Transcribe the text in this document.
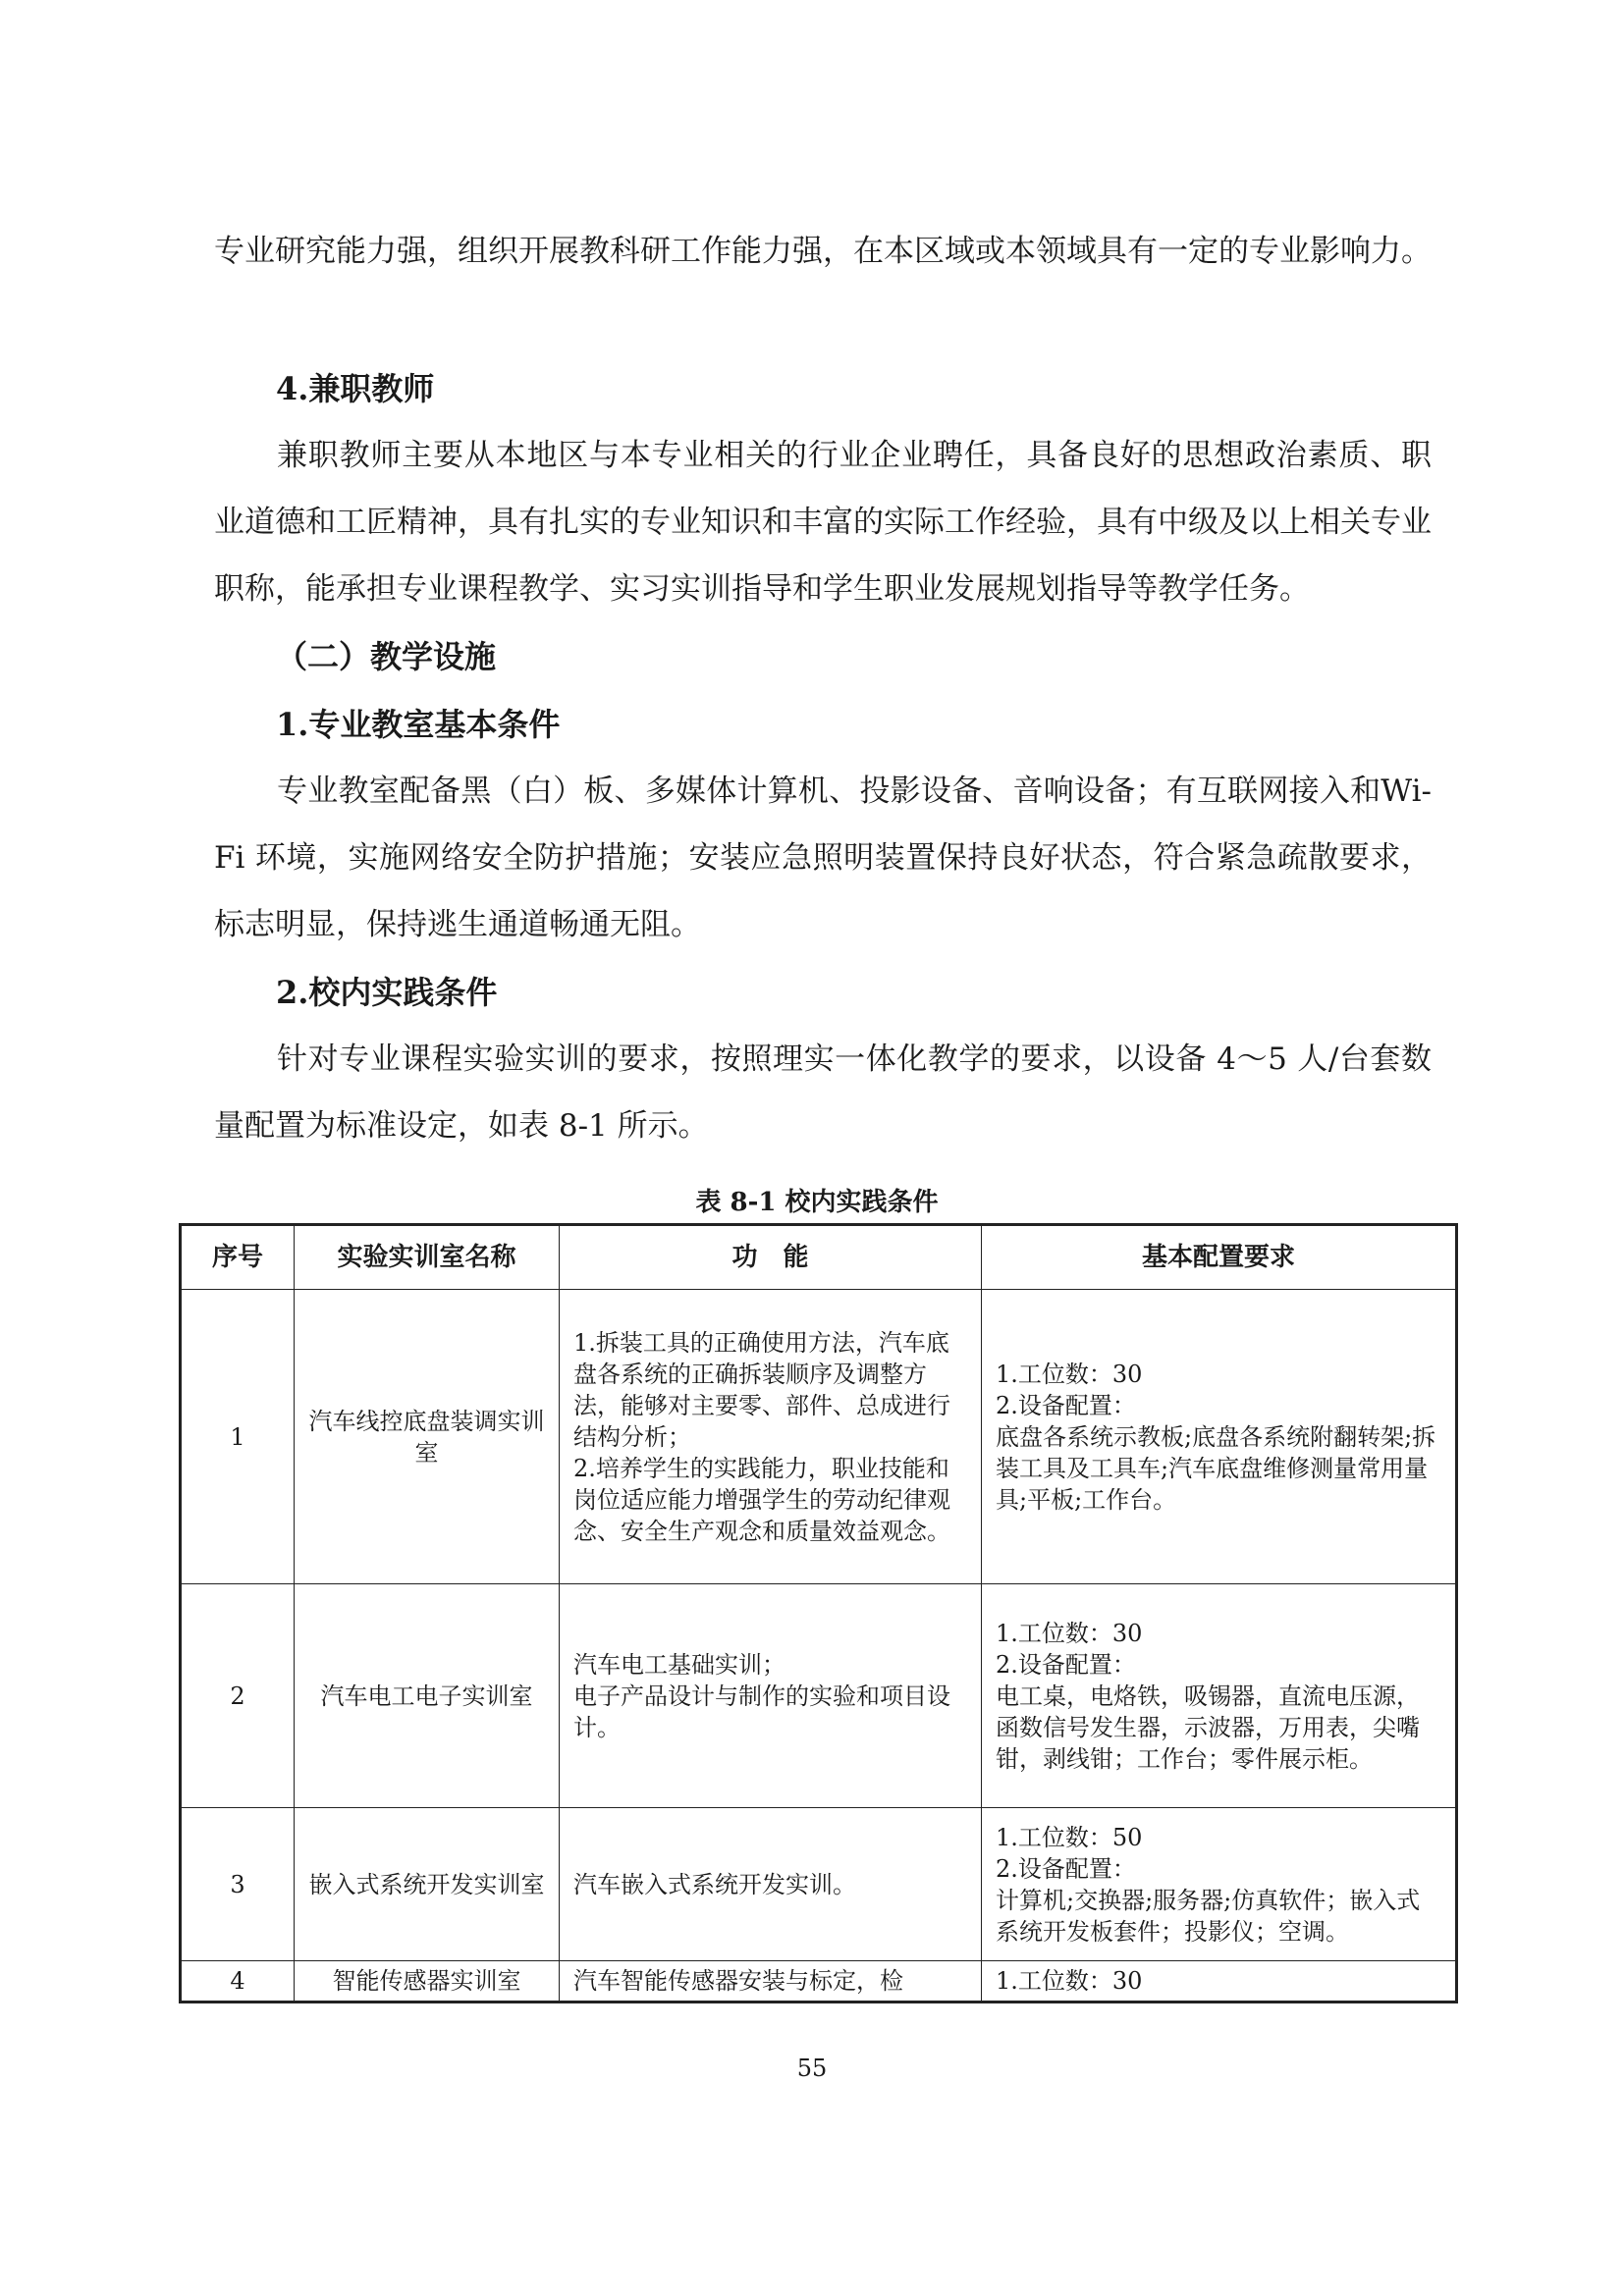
专业研究能力强，组织开展教科研工作能力强，在本区域或本领域具有一定的专业影响力。

4.兼职教师

兼职教师主要从本地区与本专业相关的行业企业聘任，具备良好的思想政治素质、职业道德和工匠精神，具有扎实的专业知识和丰富的实际工作经验，具有中级及以上相关专业职称，能承担专业课程教学、实习实训指导和学生职业发展规划指导等教学任务。

（二）教学设施
1.专业教室基本条件

专业教室配备黑（白）板、多媒体计算机、投影设备、音响设备；有互联网接入和Wi-Fi 环境，实施网络安全防护措施；安装应急照明装置保持良好状态，符合紧急疏散要求，标志明显，保持逃生通道畅通无阻。

2.校内实践条件

针对专业课程实验实训的要求，按照理实一体化教学的要求，以设备 4～5 人/台套数量配置为标准设定，如表 8-1 所示。

表 8-1 校内实践条件
序号	实验实训室名称	功　能	基本配置要求
1	汽车线控底盘装调实训室	1.拆装工具的正确使用方法，汽车底盘各系统的正确拆装顺序及调整方法，能够对主要零、部件、总成进行结构分析；
2.培养学生的实践能力，职业技能和岗位适应能力增强学生的劳动纪律观念、安全生产观念和质量效益观念。	1.工位数：30
2.设备配置：
底盘各系统示教板;底盘各系统附翻转架;拆装工具及工具车;汽车底盘维修测量常用量具;平板;工作台。
2	汽车电工电子实训室	汽车电工基础实训；
电子产品设计与制作的实验和项目设计。	1.工位数：30
2.设备配置：
电工桌，电烙铁，吸锡器，直流电压源，函数信号发生器，示波器，万用表，尖嘴钳，剥线钳；工作台；零件展示柜。
3	嵌入式系统开发实训室	汽车嵌入式系统开发实训。	1.工位数：50
2.设备配置：
计算机;交换器;服务器;仿真软件；嵌入式系统开发板套件；投影仪；空调。
4	智能传感器实训室	汽车智能传感器安装与标定，检	1.工位数：30
55
